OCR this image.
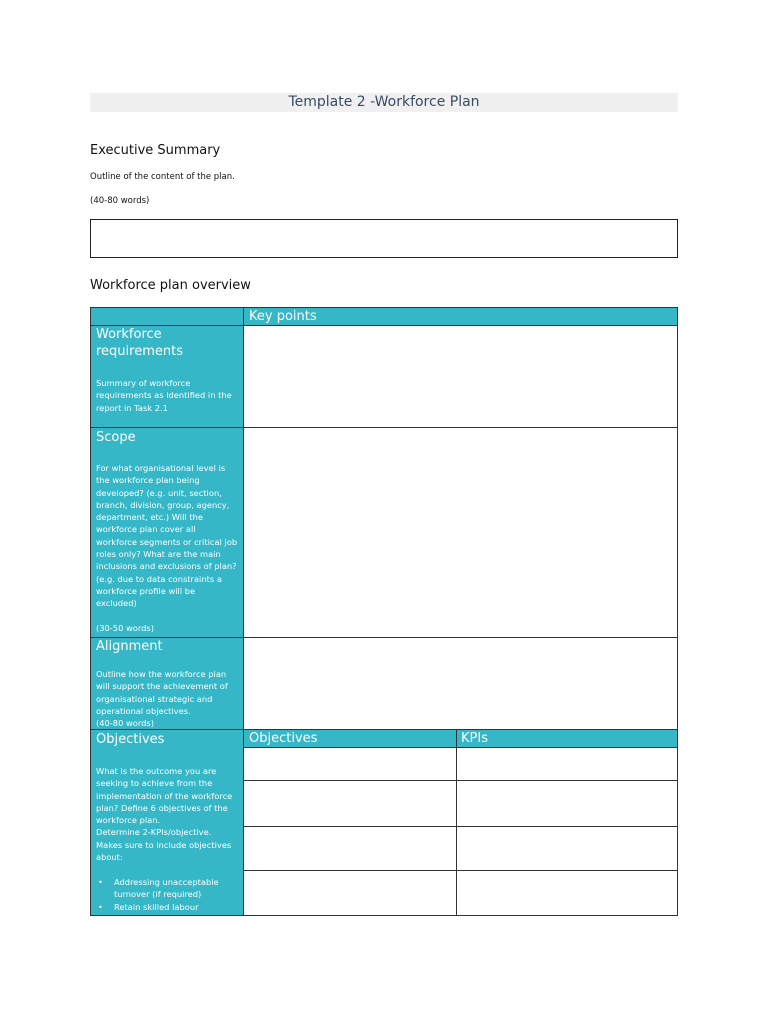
Template 2 -Workforce Plan
Executive Summary
Outline of the content of the plan.
(40-80 words)
Workforce plan overview
Key points
Workforce requirements
Summary of workforce requirements as identified in the report in Task 2.1
Scope
For what organisational level is the workforce plan being developed? (e.g. unit, section, branch, division, group, agency, department, etc.) Will the workforce plan cover all workforce segments or critical job roles only? What are the main inclusions and exclusions of plan? (e.g. due to data constraints a workforce profile will be excluded)

(30-50 words)
Alignment
Outline how the workforce plan will support the achievement of organisational strategic and operational objectives.
(40-80 words)
Objectives
What is the outcome you are seeking to achieve from the implementation of the workforce plan? Define 6 objectives of the workforce plan.
Determine 2-KPIs/objective.
Makes sure to include objectives about:
• Addressing unacceptable turnover (if required)
• Retain skilled labour
Objectives	KPIs
